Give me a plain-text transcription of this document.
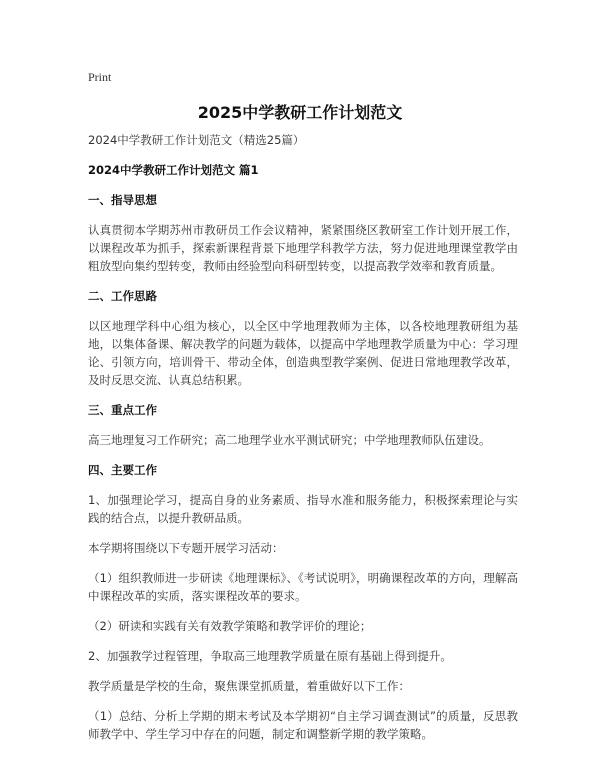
Print
2025中学教研工作计划范文

2024中学教研工作计划范文（精选25篇）

2024中学教研工作计划范文 篇1

一、指导思想

认真贯彻本学期苏州市教研员工作会议精神，紧紧围绕区教研室工作计划开展工作，以课程改革为抓手，探索新课程背景下地理学科教学方法，努力促进地理课堂教学由粗放型向集约型转变，教师由经验型向科研型转变，以提高教学效率和教育质量。

二、工作思路

以区地理学科中心组为核心，以全区中学地理教师为主体，以各校地理教研组为基地，以集体备课、解决教学的问题为载体，以提高中学地理教学质量为中心：学习理论、引领方向，培训骨干、带动全体，创造典型教学案例、促进日常地理教学改革，及时反思交流、认真总结积累。

三、重点工作

高三地理复习工作研究；高二地理学业水平测试研究；中学地理教师队伍建设。

四、主要工作

1、加强理论学习，提高自身的业务素质、指导水准和服务能力，积极探索理论与实践的结合点，以提升教研品质。

本学期将围绕以下专题开展学习活动：

（1）组织教师进一步研读《地理课标》、《考试说明》，明确课程改革的方向，理解高中课程改革的实质，落实课程改革的要求。

（2）研读和实践有关有效教学策略和教学评价的理论；

2、加强教学过程管理，争取高三地理教学质量在原有基础上得到提升。

教学质量是学校的生命，聚焦课堂抓质量，着重做好以下工作：

（1）总结、分析上学期的期末考试及本学期初“自主学习调查测试”的质量，反思教师教学中、学生学习中存在的问题，制定和调整新学期的教学策略。
